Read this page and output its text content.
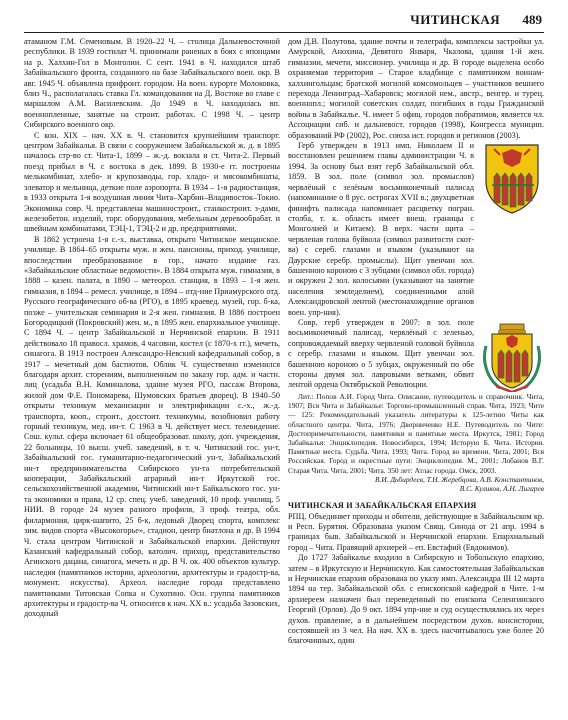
ЧИТИНСКАЯ 489

атаманом Г.М. Семеновым. В 1920–22 Ч. – столица Дальневосточной республики. В 1939 гостилат Ч. принимали раненых в боях с японцами на р. Халхин-Гол в Монголии. С сент. 1941 в Ч. находился штаб Забайкальского фронта, созданного на базе Забайкальского воен. окр. В авг. 1945 Ч. объявлена прифронт. городом. На воен. курорте Молоковка, близ Ч., располагалась ставка Гл. командования на Д. Востоке во главе с маршалом А.М. Василевским. До 1949 в Ч. находилась вп. военнопленные, занятые на строит. работах. С 1998 Ч. – центр Сибирского военного окр.

С кон. XIX – нач. XX в. Ч. становится крупнейшим транспорт. центром Забайкалья. В связи с сооружением Забайкальской ж. д. в 1895 началось стр-во ст. Чита-1, 1899 – ж.-д. вокзала и ст. Чита-2. Первый поезд прибыл в Ч. с востока в дек. 1899. В 1930-е гг. построены мелькомбинат, хлебо- и крупозаводы, гор. хладо- и мясокомбинаты, элеватор и мельница, деткие поле аэропорта. В 1934 – 1-я радиостанция, в 1933 открыта 1-я воздушная линия Чита–Харбин–Владивосток–Токио. Экономика совр. Ч. представлена машиностроит., станкостроит. з-дами, железобетон. изделий, торг. оборудования, мебельным деревообрабат. и швейным комбинатами, ТЭЦ-1, ТЭЦ-2 и др. предприятиями.

В 1862 устроена 1-я с.-х. выставка, открыто Читинское мещанское. училище. В 1864–65 открыты муж. и жен. пансионы, приход. училище, впоследствии преобразованное в гор., начато издание газ. «Забайкальские областные ведомости». В 1884 открыта муж. гимназия, в 1888 – казен. палата, в 1890 – метеорол. станция, в 1893 – 1-я жен. гимназия, в 1894 – ремесл. училище, в 1894 – отд-ние Приамурского отд. Русского географического об-ва (РГО), в 1895 краевед. музей, гор. б-ка, позже – учительская семинария и 2-я жен. гимназия. В 1886 построен Богородицкий (Покровский) жен. м., в 1895 жен. епархиальное училище. С 1894 Ч. – центр Забайкальской и Нерчинской епархии. В 1911 действовало 18 правосл. храмов, 4 часовни, костел (с 1870-х гг.), мечеть, синагога. В 1913 построен Александро-Невский кафедральный собор, в 1917 – мечетный дом бастиотов. Облик Ч. существенно изменился благодаря архит. сторениям, выполненным по заказу гор. адм. и частн. лиц (усадьба В.Н. Коминалова, здание музея РГО, пассаж Второва, жилой дом Ф.Е. Пономарева, Шумовских братьев дворец). В 1940–50 открыты техникум механизации и электрификации с.-х., ж.-д. транспорта, кооп., строит., досстоит. техникумы, возобновил работу горный техникум, мед. ин-т. С 1963 в Ч. действует мест. телевидение. Сош. культ. сфера включает 61 общеобразоват. школу, доп. учреждения, 22 больницы, 10 высш. учеб. заведений, в т. ч. Читинский гос. ун-т, Забайкальский гос. гуманитарно-педагогический ун-т, Забайкальский ин-т предпринимательства Сибирского ун-та потребительской кооперации, Забайкальский аграрный ин-т Иркутской гос. сельскохозяйственной академии, Читинский ин-т Байкальского гос. ун-та экономики и права, 12 ср. спец. учеб. заведений, 10 проф. училищ, 5 НИИ. В городе 24 музея разного профиля, 3 проф. театра, обл. филармония, цирк-шапито, 25 б-к, ледовый Дворец спорта, комплекс зим. видов спорта «Высокогорье», стадион, центр биатлона и др. В 1994 Ч. стала центром Читинской и Забайкальской епархии. Действуют Казанский кафедральный собор, католич. приход, представительство Агинского дацана, синагога, мечеть и др. В Ч. ок. 400 объектов культур. наследия (памятников истории, археологии, архитектуры и градостр-ва, монумент. искусства). Археол. наследие города представлено памятниками Титовская Сопка и Сухотино. Осн. группа памятников архитектуры и градостр-ва Ч. относится к нач. XX в.: усадьба Зазовских, доходный

дом Д.В. Полутова, здание почты и телеграфа, комплексы застройки ул. Амурской, Анохина, Девятого Января, Чкалова, здания 1-й жен. гимназии, мечети, миссионер. училища и др. В городе выделена особо охраняемая территория – Старое кладбище с памятником воинам-халхингольцам; братской могилой комсомольцев – участников вешнего перехода Ленинград–Хабаровск; могилой нем., австр., венгер. и турец. военнопл.; могилой советских солдат, погибших в годы Гражданской войны в Забайкалье. Ч. имеет 5 офиц. городов побратимов, является чл. Ассоциации сиб. и дальневост. городов (1998), Конгресса муницип. образований РФ (2002), Рос. союза ист. городов и регионов (2003).

Герб утвержден в 1913 имп. Николаем II и восстановлен решением главы администрации Ч. в 1994. За основу был взят герб Забайкальской обл. 1859. В зол. поле (символ зол. промыслов) червлёный с зелёным восьмиконечный палисад (напоминание о 8 рус. острогах XVII в.; двухцветная финифть палисада напоминает расцветку погран. столба, т. к. область имеет внеш. границы с Монголией и Китаем). В верх. части щита – червленая голова буйвола (символ развитости скот-ва) с сереб. глазами и языком (указывают на Даурские серебр. промыслы). Щит увенчан зол. башенною короною с 3 зубцами (символ обл. города) и окружен 2 зол. колосьями (указывают на занятие населения земледелием), соединенными алой Александровской лентой (местонахождение органов воен. упр-ния).

Совр. герб утвержден в 2007: в зол. поле восьмиконечный палисад, червлёный с зеленью, сопровождаемый вверху червленой головой буйвола с серебр. глазами и языком. Щит увенчан зол. башенною короною о 5 зубцах, окруженный по обе стороны двумя зол. лавровыми ветками, обвит лентой ордена Октябрьской Революции.

Лит.: Попов А.И. Город Чита. Описание, путеводитель и справочник. Чита, 1907; Вся Чита и Забайкалье: Торгово-промышленный справ. Чита, 1923; Чите — 125: Рекомендательный указатель литературы к 125-летию Читы как областного центра. Чита, 1976; Дворниченко Н.Е. Путеводитель по Чите: Достопримечательности, памятники и памятные места. Иркутск, 1981; Город Забайкалья: Энциклопедия. Новосибирск, 1994; Исторую Б. Чита. История. Памятные места. Судьба. Чита, 1993; Чита. Город во времени. Чита, 2001; Вся Российская. Город и окрестные пути: Энциклопедия. М., 2001; Лобанов В.Г. Старая Чита. Чита, 2001; Чита. 350 лет: Атлас города. Омск, 2003.

В.И. Дьбирдеев, Т.Н. Жеребцова, А.В. Константинов,
В.С. Куликов, А.Н. Лигарев

ЧИТИНСКАЯ И ЗАБАЙКАЛЬСКАЯ ЕПАРХИЯ

РПЦ. Объединяет приходы и обители, действующие в Забайкальском кр. и Респ. Бурятия. Образована указом Свящ. Синода от 21 апр. 1994 в границах быв. Забайкальской и Нерчинской епархии. Епархиальный город – Чита. Правящий архиерей – еп. Евстафий (Евдокимов).

До 1727 Забайкалье входило в Сибирскую и Тобольскую епархию, затем – в Иркутскую и Нерчинскую. Как самостоятельная Забайкальская и Нерчинская епархия образована по указу имп. Александра III 12 марта 1894 на тер. Забайкальской обл. с епископской кафедрой в Чите. 1-м архиереем назначен был переведенный по епископа Селенгинского Георгий (Орлов). До 9 окт. 1894 упр-ние и суд осуществлялись их через духов. правление, а в дальнейшем посредством духов. консистории, состоявшей из 3 чел. На нач. XX в. здесь насчитывалось уже более 20 благочинных, один
